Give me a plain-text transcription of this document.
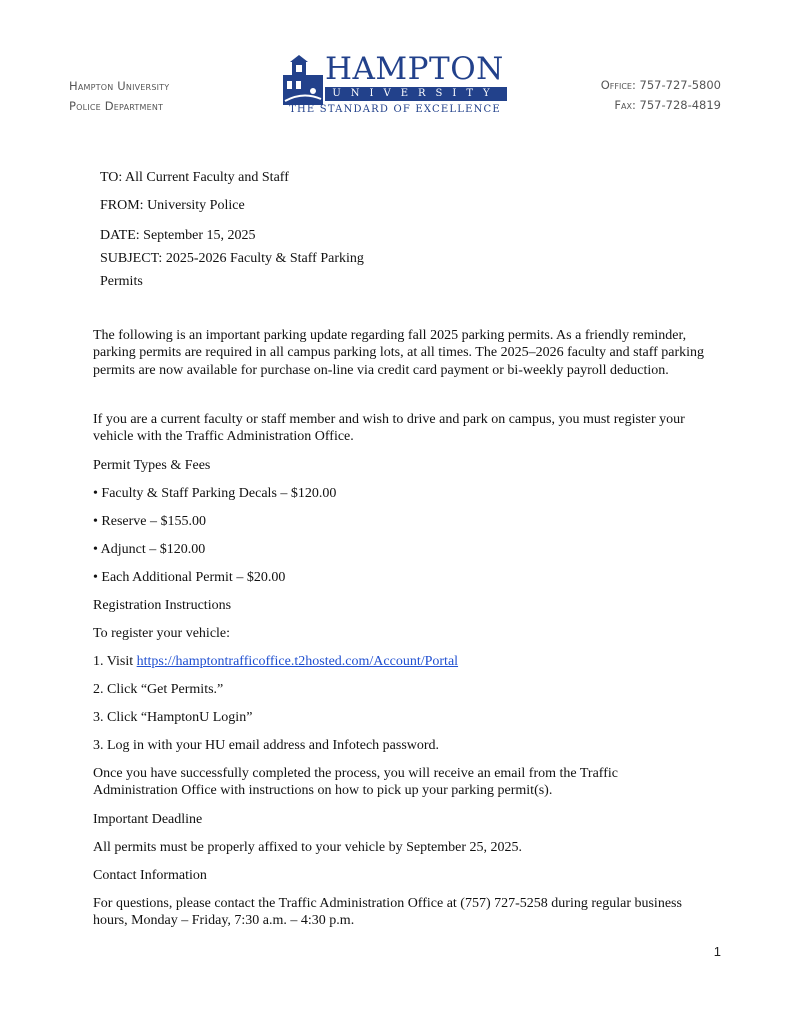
Hampton University
Police Department
HAMPTON
UNIVERSITY
THE STANDARD OF EXCELLENCE
Office: 757-727-5800
Fax: 757-728-4819
TO: All Current Faculty and Staff
FROM: University Police
DATE: September 15, 2025
SUBJECT: 2025-2026 Faculty & Staff Parking
Permits

The following is an important parking update regarding fall 2025 parking permits. As a friendly reminder, parking permits are required in all campus parking lots, at all times. The 2025–2026 faculty and staff parking permits are now available for purchase on-line via credit card payment or bi-weekly payroll deduction.

If you are a current faculty or staff member and wish to drive and park on campus, you must register your vehicle with the Traffic Administration Office.

Permit Types & Fees

• Faculty & Staff Parking Decals – $120.00

• Reserve – $155.00

• Adjunct – $120.00

• Each Additional Permit – $20.00

Registration Instructions

To register your vehicle:

1. Visit https://hamptontrafficoffice.t2hosted.com/Account/Portal

2. Click “Get Permits.”

3. Click “HamptonU Login”

3. Log in with your HU email address and Infotech password.

Once you have successfully completed the process, you will receive an email from the Traffic Administration Office with instructions on how to pick up your parking permit(s).

Important Deadline

All permits must be properly affixed to your vehicle by September 25, 2025.

Contact Information

For questions, please contact the Traffic Administration Office at (757) 727-5258 during regular business hours, Monday – Friday, 7:30 a.m. – 4:30 p.m.

1
